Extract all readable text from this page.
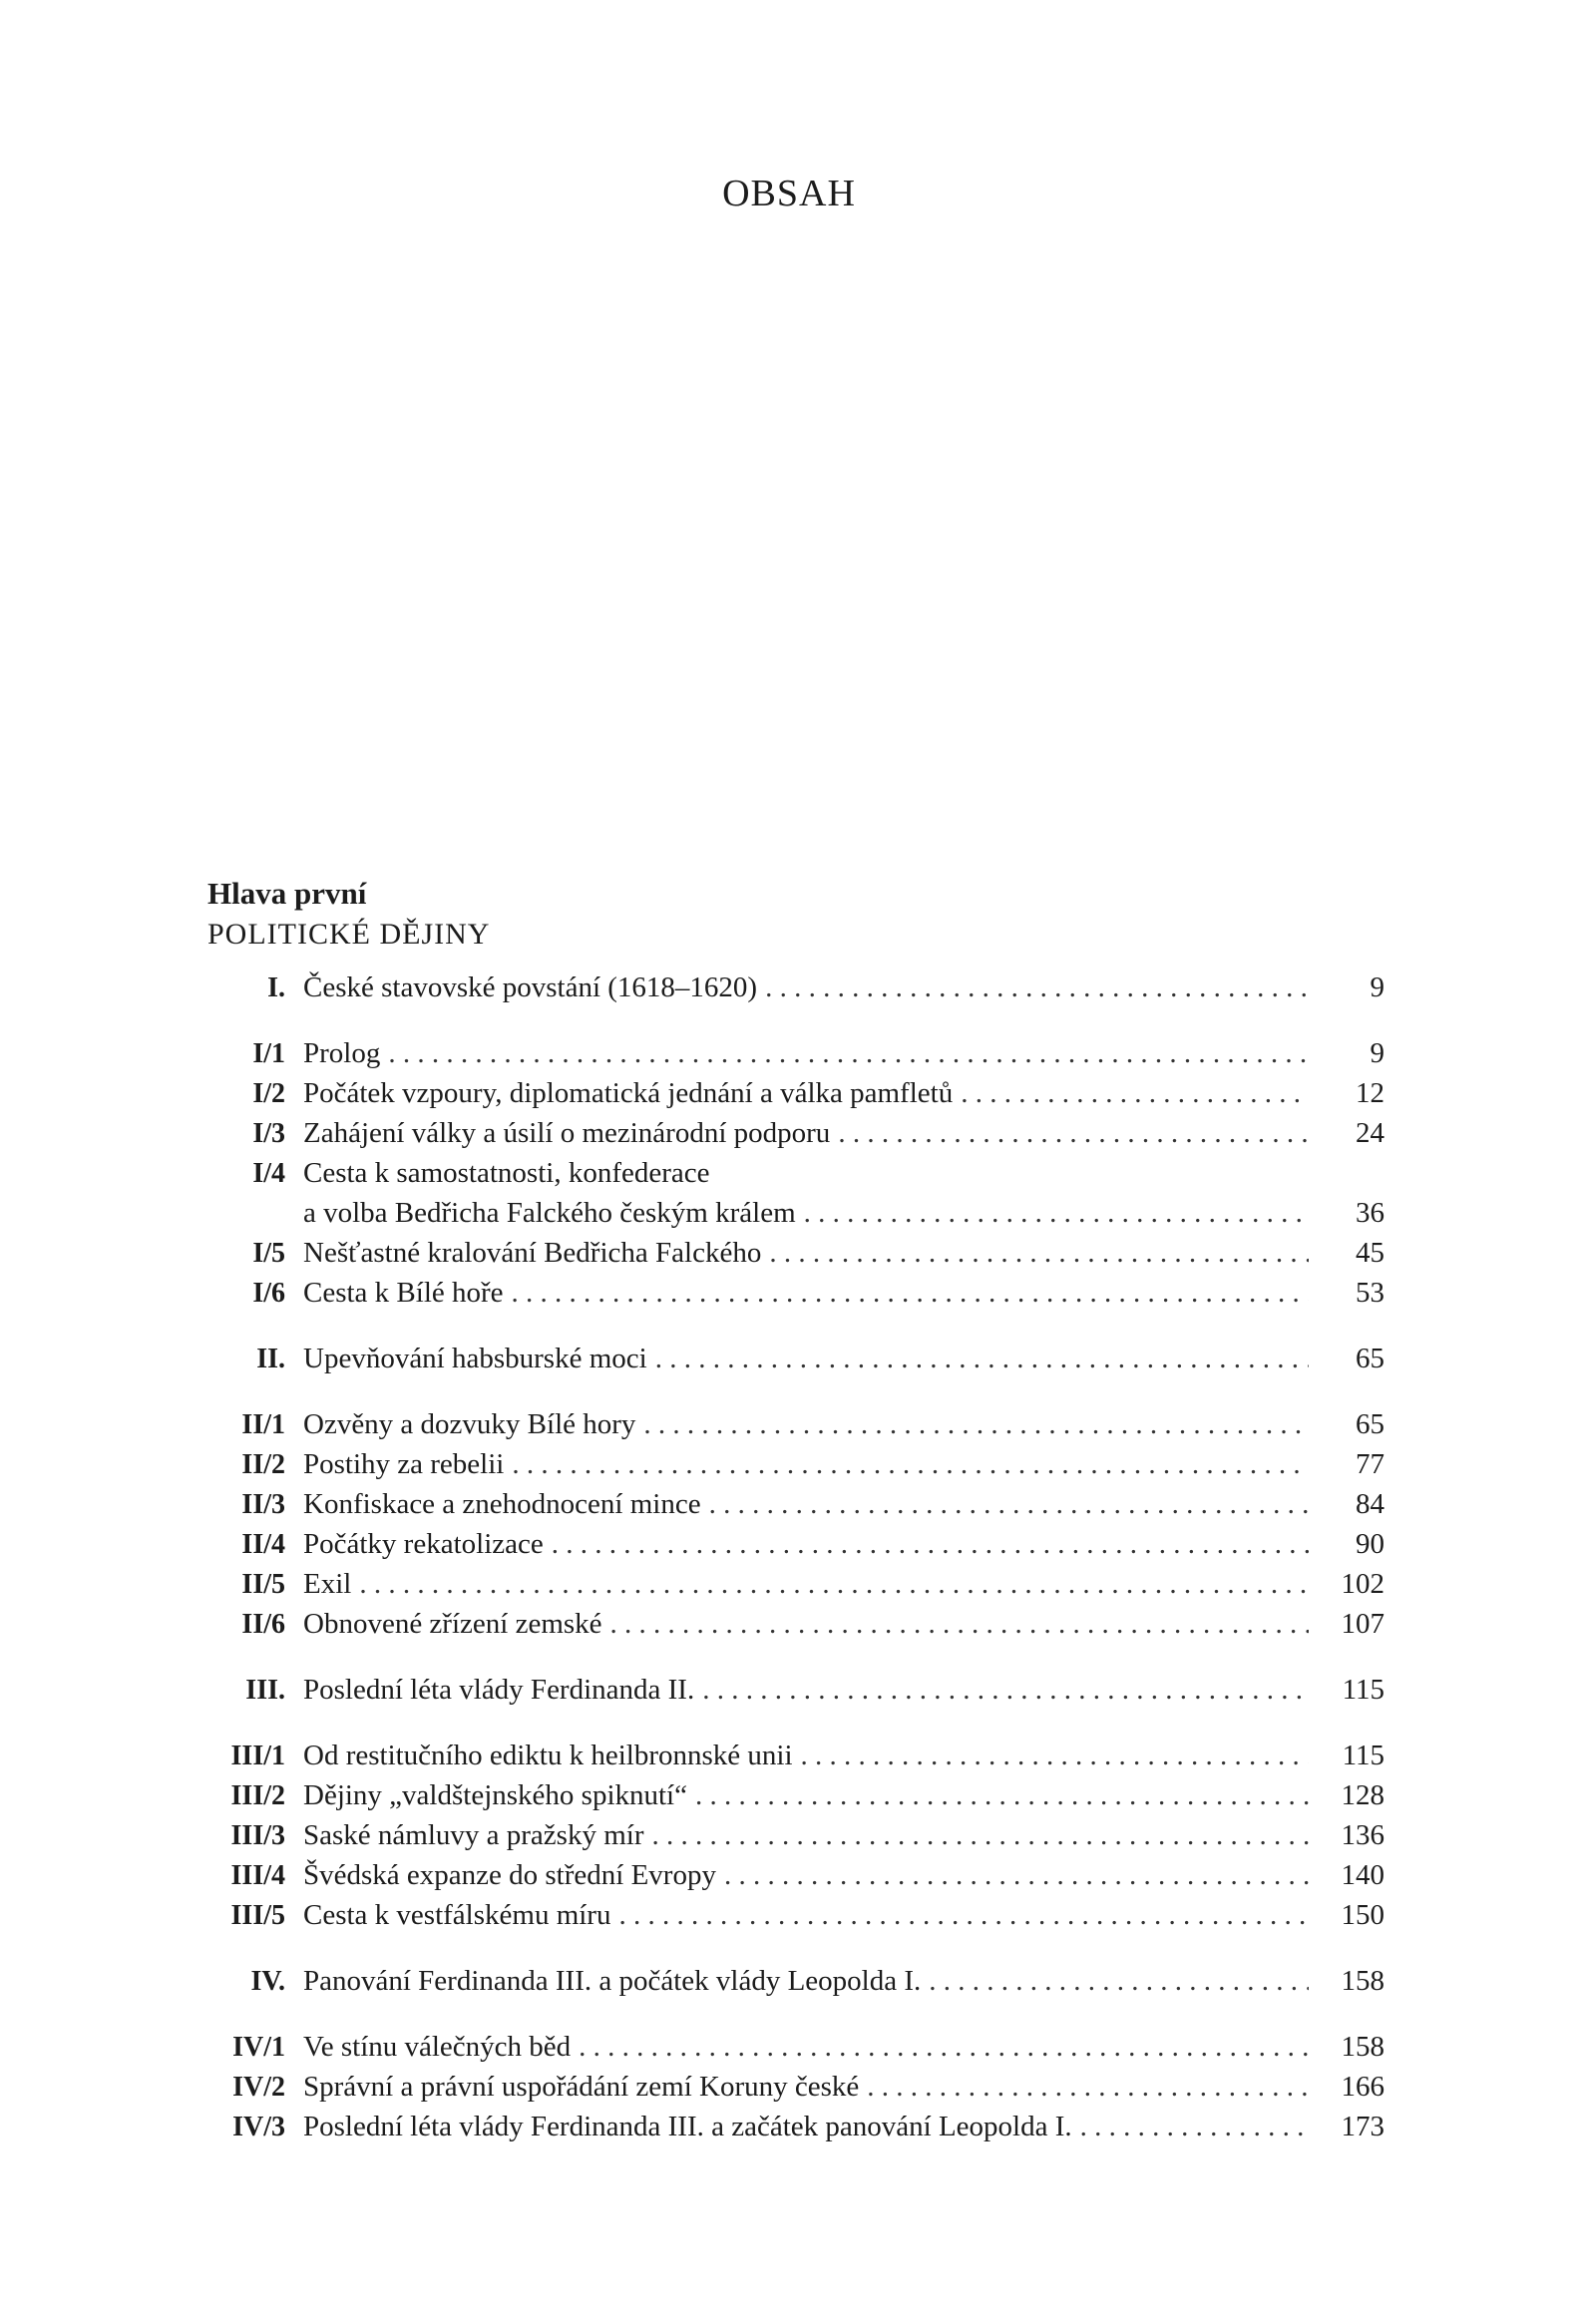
OBSAH
Hlava první
POLITICKÉ DĚJINY
I. České stavovské povstání (1618–1620) . . .	9
I/1 Prolog . . .	9
I/2 Počátek vzpoury, diplomatická jednání a válka pamfletů . . .	12
I/3 Zahájení války a úsilí o mezinárodní podporu . . .	24
I/4 Cesta k samostatnosti, konfederace
a volba Bedřicha Falckého českým králem . . .	36
I/5 Nešťastné kralování Bedřicha Falckého . . .	45
I/6 Cesta k Bílé hoře . . .	53
II. Upevňování habsburské moci . . .	65
II/1 Ozvěny a dozvuky Bílé hory . . .	65
II/2 Postihy za rebelii . . .	77
II/3 Konfiskace a znehodnocení mince . . .	84
II/4 Počátky rekatolizace . . .	90
II/5 Exil . . .	102
II/6 Obnovené zřízení zemské . . .	107
III. Poslední léta vlády Ferdinanda II. . . .	115
III/1 Od restitučního ediktu k heilbronnské unii . . .	115
III/2 Dějiny „valdštejnského spiknutí“ . . .	128
III/3 Saské námluvy a pražský mír . . .	136
III/4 Švédská expanze do střední Evropy . . .	140
III/5 Cesta k vestfálskému míru . . .	150
IV. Panování Ferdinanda III. a počátek vlády Leopolda I. . . .	158
IV/1 Ve stínu válečných běd . . .	158
IV/2 Správní a právní uspořádání zemí Koruny české . . .	166
IV/3 Poslední léta vlády Ferdinanda III. a začátek panování Leopolda I. . . .	173
